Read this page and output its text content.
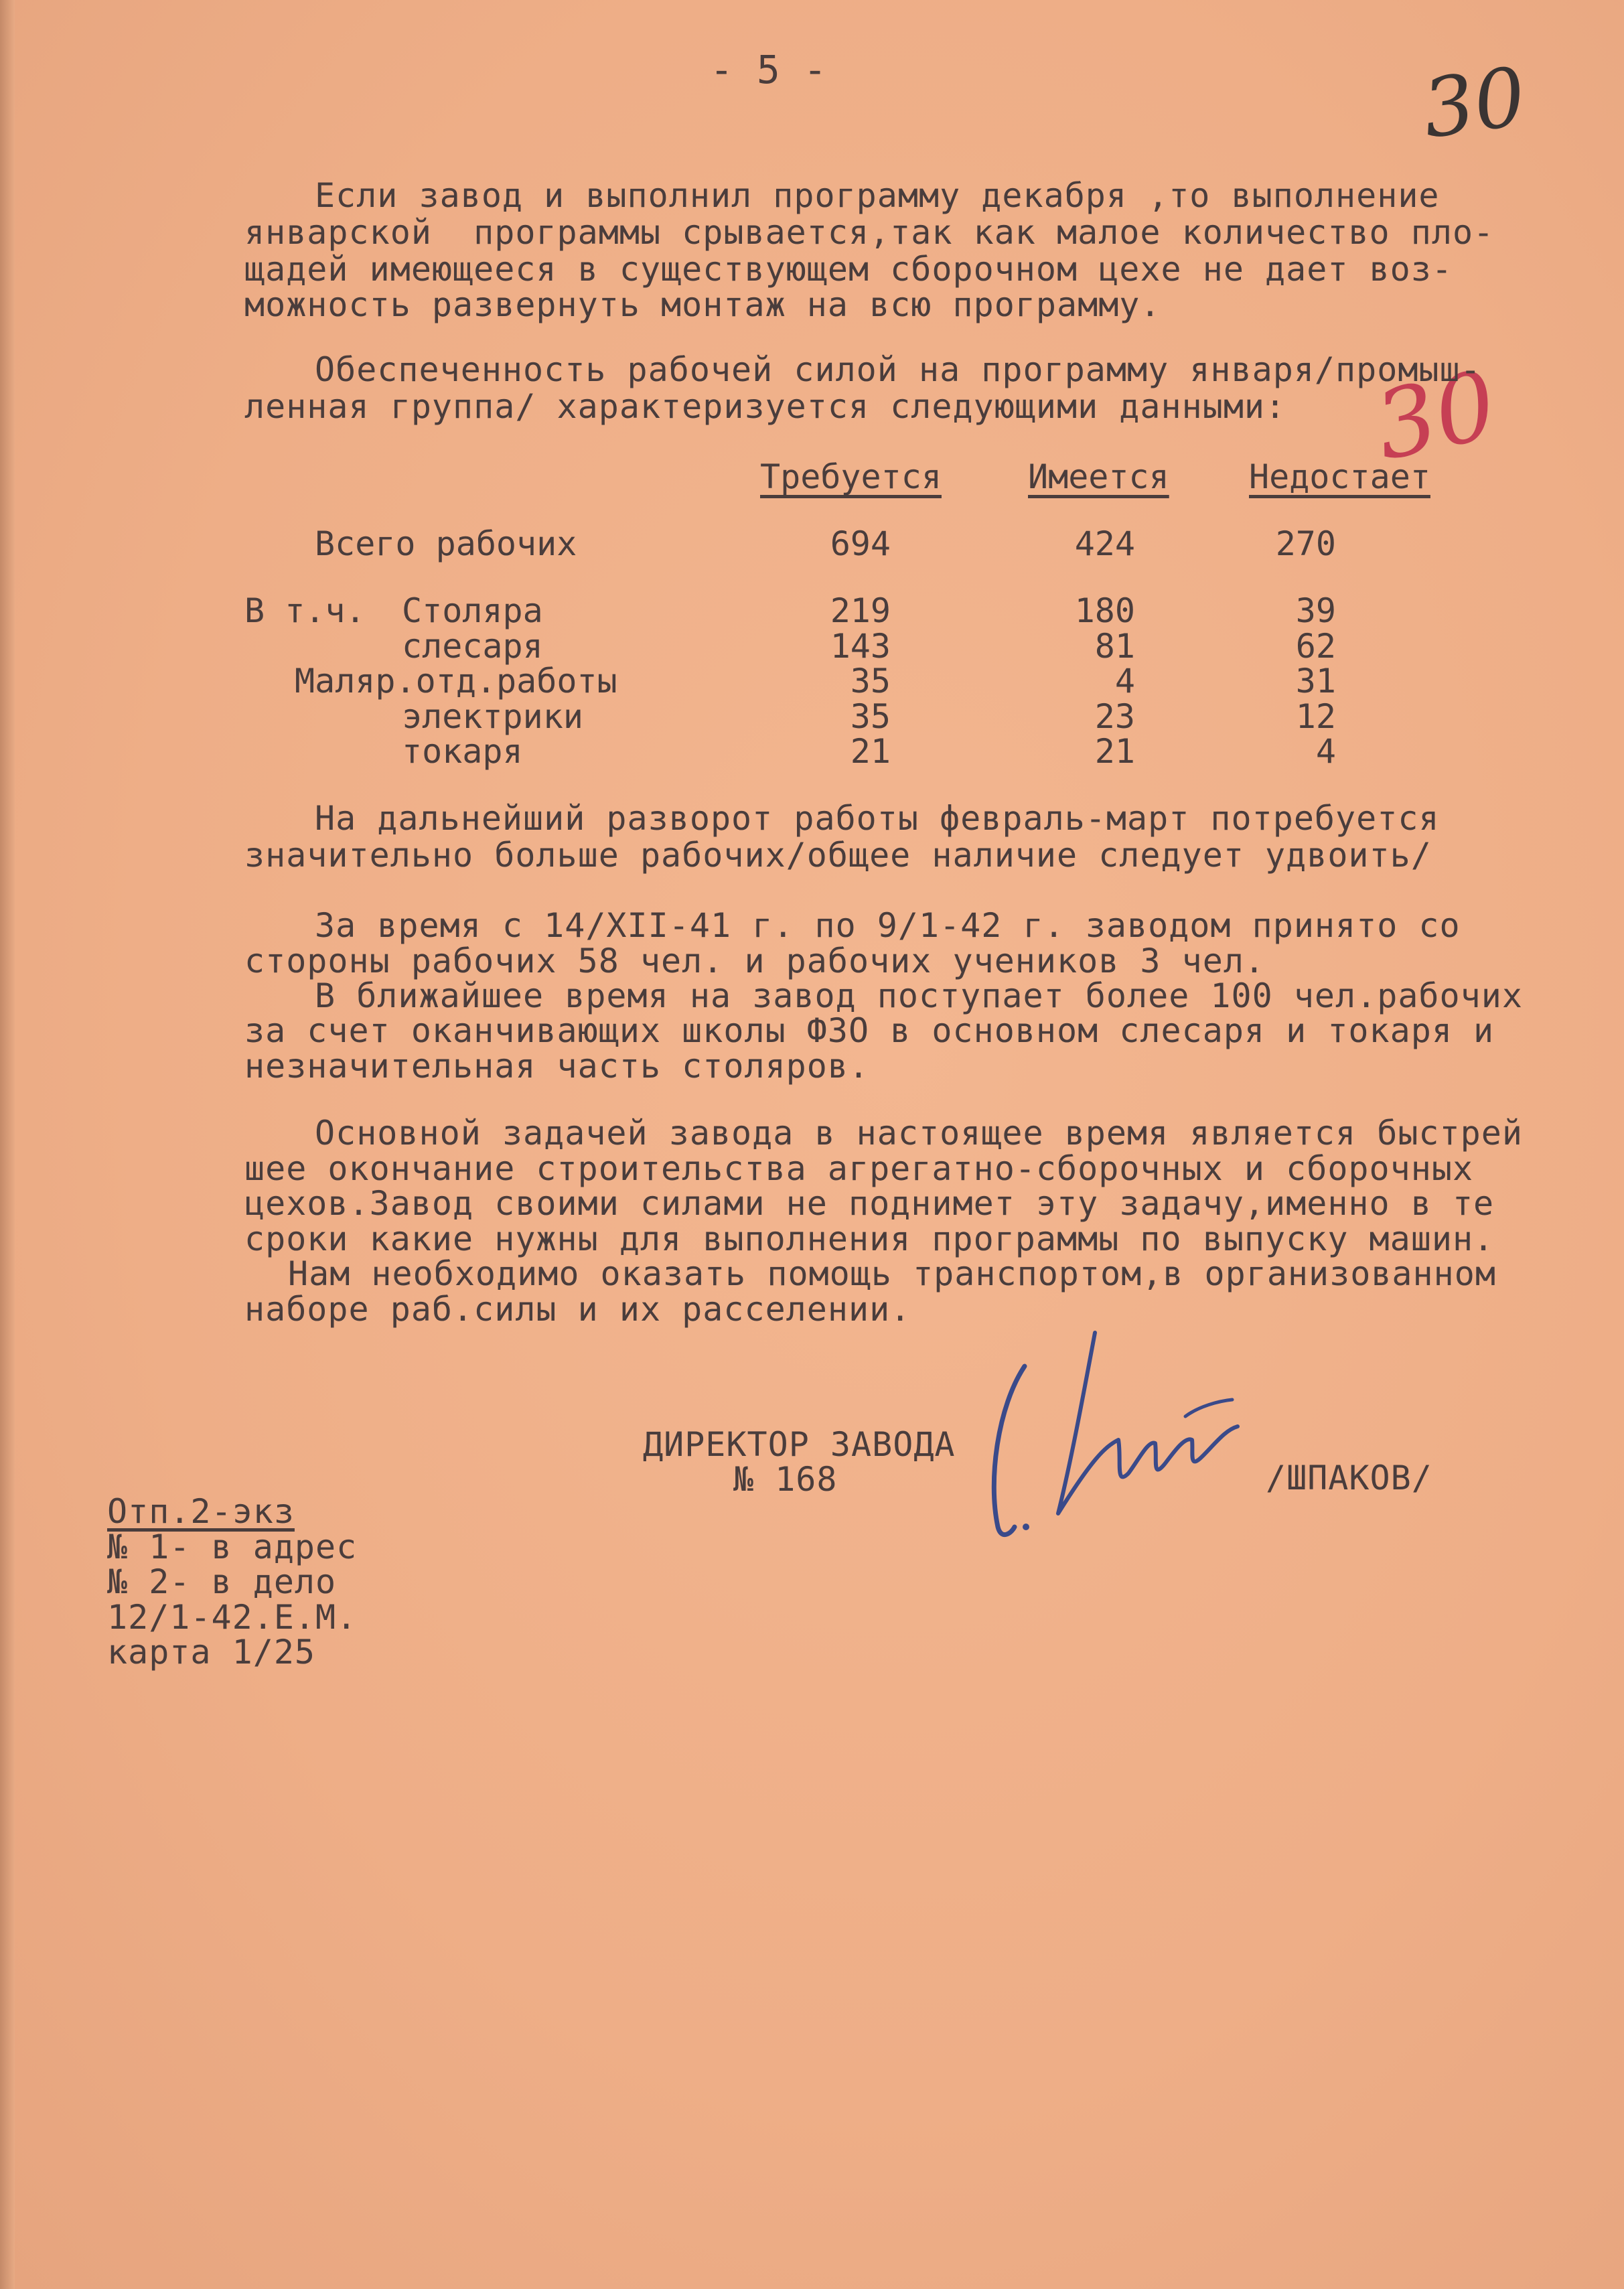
- 5 -	30
30
Если завод и выполнил программу декабря ,то выполнение
январской  программы срывается,так как малое количество пло-
щадей имеющееся в существующем сборочном цехе не дает воз-
можность развернуть монтаж на всю программу.
Обеспеченность рабочей силой на программу января/промыш-
ленная группа/ характеризуется следующими данными:
Требуется	Имеется Недостает
Всего рабочих	694	424	270
В т.ч. Столяра	219	180	39
слесаря	143	81	62
Маляр.отд.работы	35	4	31
электрики	35	23	12
токаря	21	21	4
На дальнейший разворот работы февраль-март потребуется
значительно больше рабочих/общее наличие следует удвоить/
За время с 14/XII-41 г. по 9/1-42 г. заводом принято со
стороны рабочих 58 чел. и рабочих учеников 3 чел.
В ближайшее время на завод поступает более 100 чел.рабочих
за счет оканчивающих школы ФЗО в основном слесаря и токаря и
незначительная часть столяров.
Основной задачей завода в настоящее время является быстрей
шее окончание строительства агрегатно-сборочных и сборочных
цехов.Завод своими силами не поднимет эту задачу,именно в те
сроки какие нужны для выполнения программы по выпуску машин.
Нам необходимо оказать помощь транспортом,в организованном
наборе раб.силы и их расселении.
ДИРЕКТОР ЗАВОДА
№ 168	/ШПАКОВ/
Отп.2-экз
№ 1- в адрес
№ 2- в дело
12/1-42.Е.М.
карта 1/25
